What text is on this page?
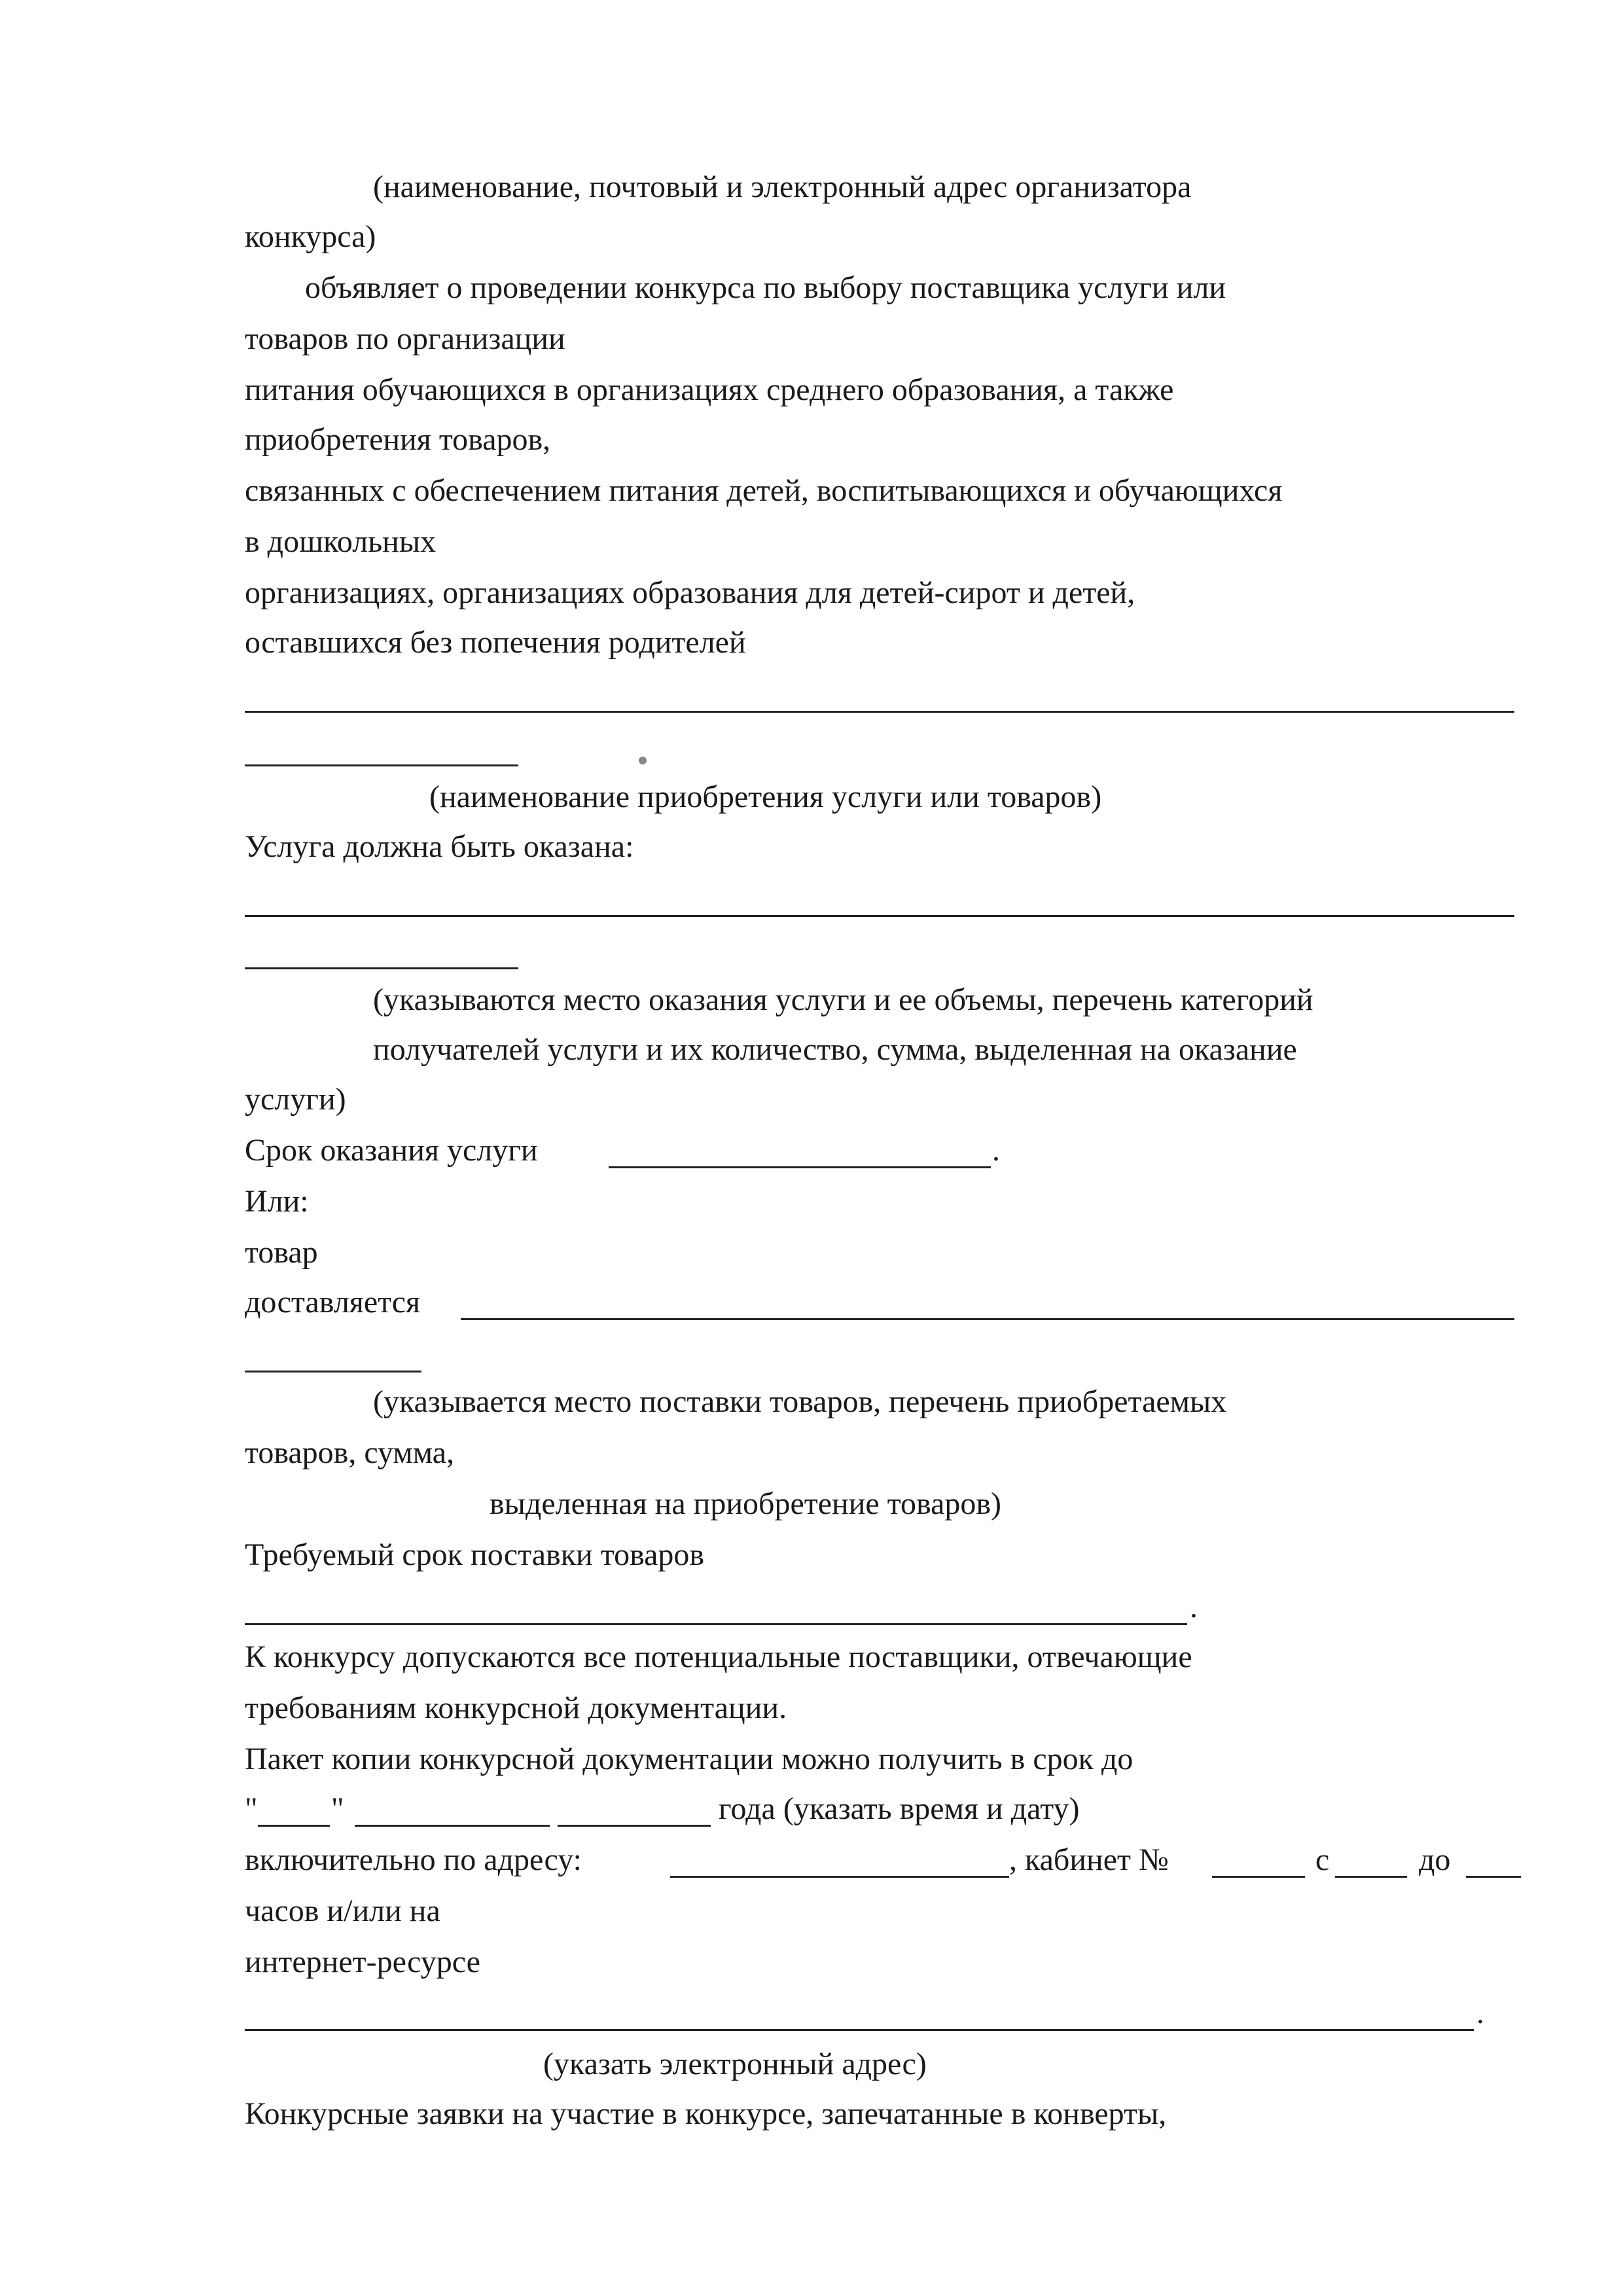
(наименование, почтовый и электронный адрес организатора
конкурса)
объявляет о проведении конкурса по выбору поставщика услуги или
товаров по организации
питания обучающихся в организациях среднего образования, а также
приобретения товаров,
связанных с обеспечением питания детей, воспитывающихся и обучающихся
в дошкольных
организациях, организациях образования для детей-сирот и детей,
оставшихся без попечения родителей
(наименование приобретения услуги или товаров)
Услуга должна быть оказана:
(указываются место оказания услуги и ее объемы, перечень категорий
получателей услуги и их количество, сумма, выделенная на оказание
услуги)
Срок оказания услуги	.
Или:
товар
доставляется
(указывается место поставки товаров, перечень приобретаемых
товаров, сумма,
выделенная на приобретение товаров)
Требуемый срок поставки товаров
.
К конкурсу допускаются все потенциальные поставщики, отвечающие
требованиям конкурсной документации.
Пакет копии конкурсной документации можно получить в срок до
" "	года (указать время и дату)
включительно по адресу:	, кабинет №	с	до
часов и/или на
интернет-ресурсе
.
(указать электронный адрес)
Конкурсные заявки на участие в конкурсе, запечатанные в конверты,
